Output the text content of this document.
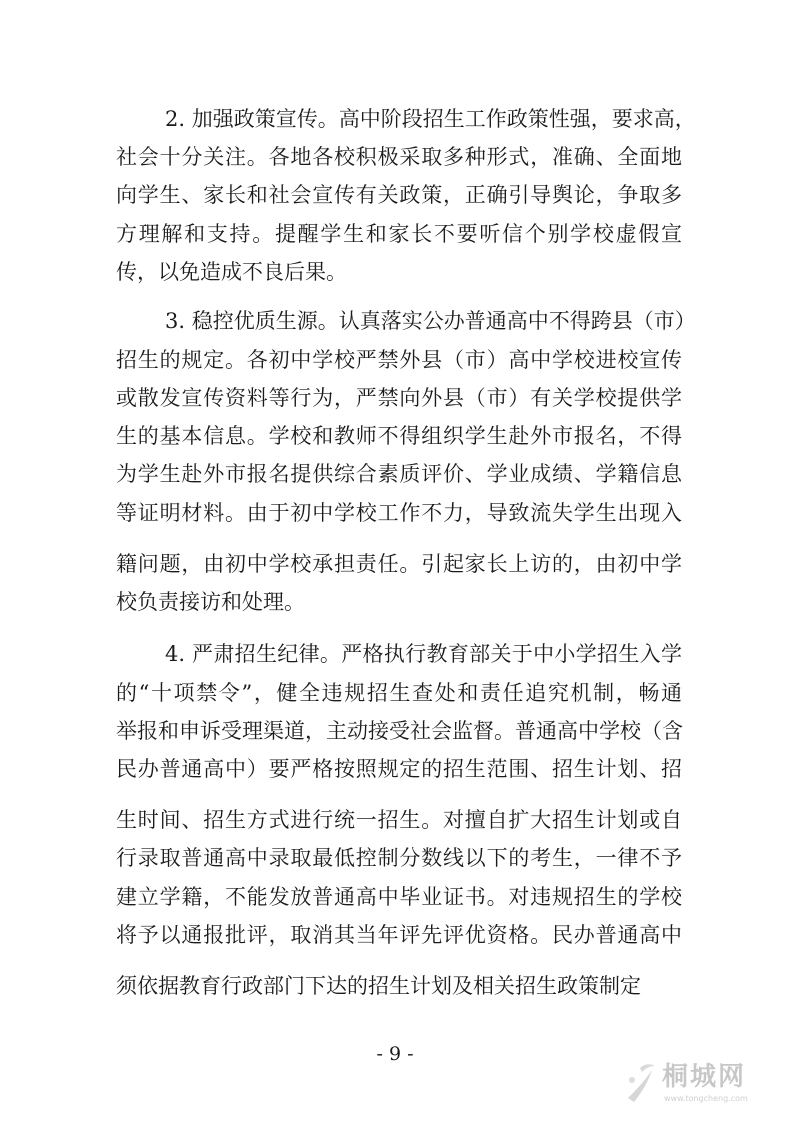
2. 加强政策宣传。高中阶段招生工作政策性强，要求高，
社会十分关注。各地各校积极采取多种形式，准确、全面地
向学生、家长和社会宣传有关政策，正确引导舆论，争取多
方理解和支持。提醒学生和家长不要听信个别学校虚假宣
传，以免造成不良后果。
3. 稳控优质生源。认真落实公办普通高中不得跨县（市）
招生的规定。各初中学校严禁外县（市）高中学校进校宣传
或散发宣传资料等行为，严禁向外县（市）有关学校提供学
生的基本信息。学校和教师不得组织学生赴外市报名，不得
为学生赴外市报名提供综合素质评价、学业成绩、学籍信息
等证明材料。由于初中学校工作不力，导致流失学生出现入
籍问题，由初中学校承担责任。引起家长上访的，由初中学
校负责接访和处理。
4. 严肃招生纪律。严格执行教育部关于中小学招生入学
的“十项禁令”，健全违规招生查处和责任追究机制，畅通
举报和申诉受理渠道，主动接受社会监督。普通高中学校（含
民办普通高中）要严格按照规定的招生范围、招生计划、招
生时间、招生方式进行统一招生。对擅自扩大招生计划或自
行录取普通高中录取最低控制分数线以下的考生，一律不予
建立学籍，不能发放普通高中毕业证书。对违规招生的学校
将予以通报批评，取消其当年评先评优资格。民办普通高中
须依据教育行政部门下达的招生计划及相关招生政策制定
- 9 -
桐城网
www.tongcheng.com
